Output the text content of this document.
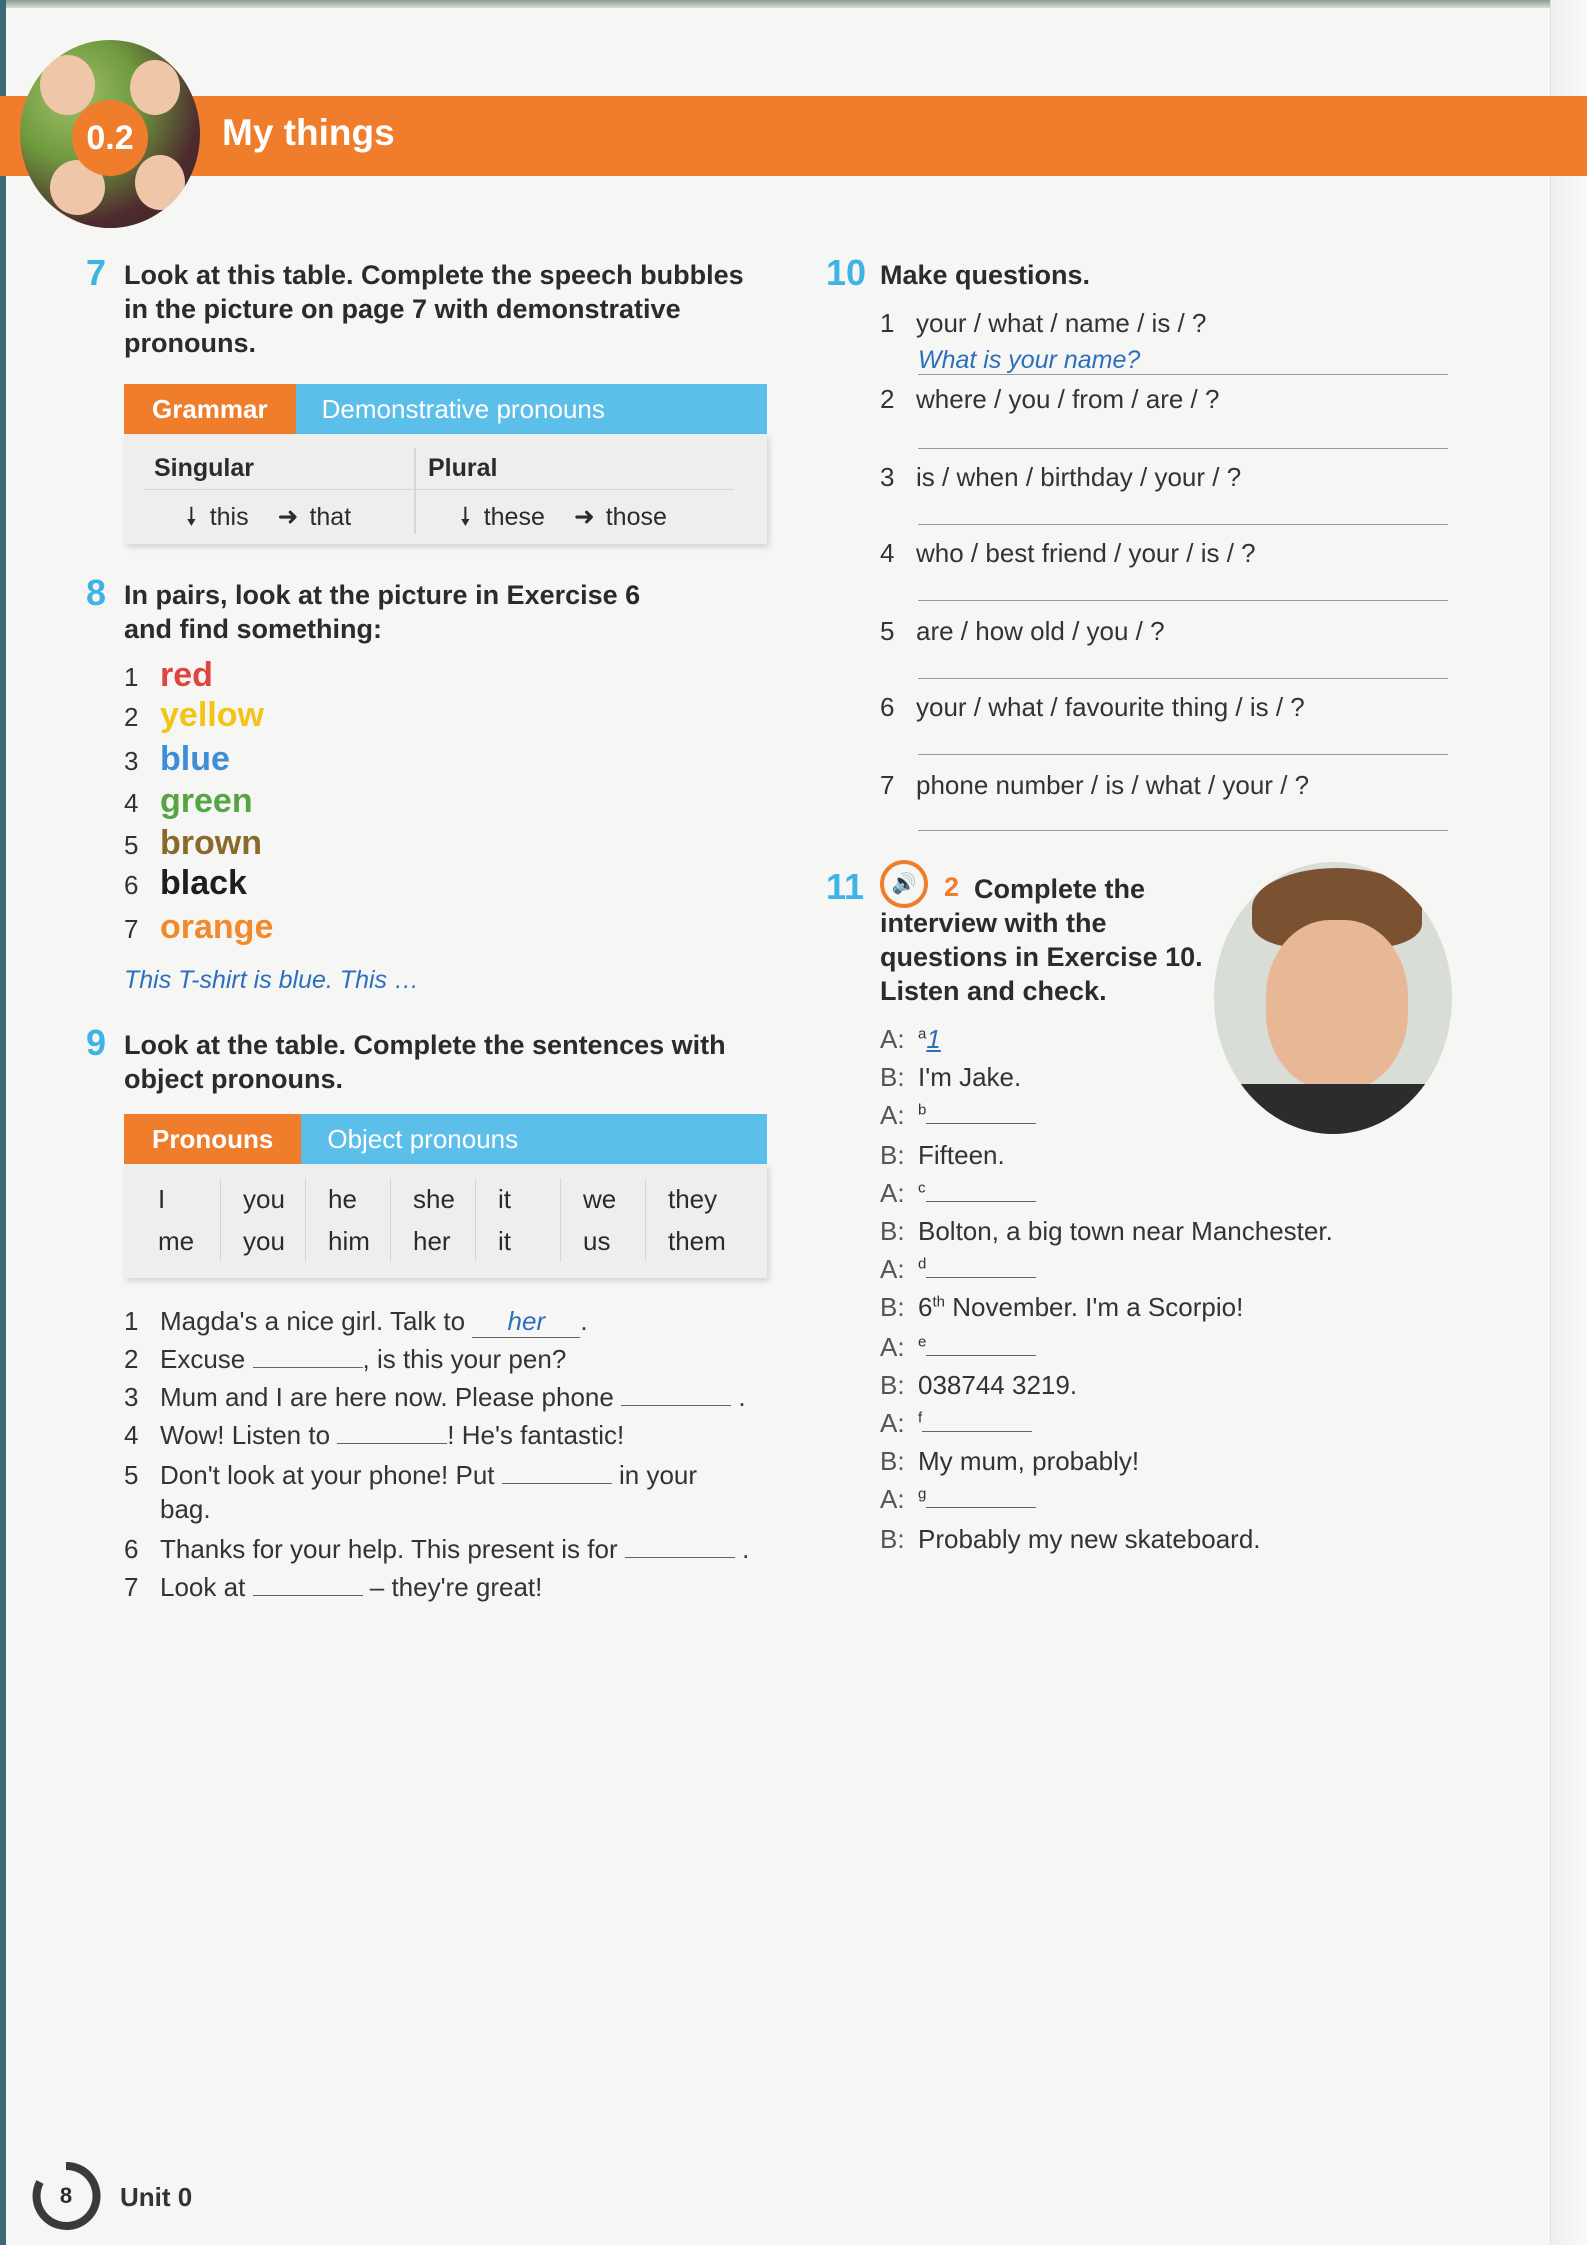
0.2	My things
7 Look at this table. Complete the speech bubbles in the picture on page 7 with demonstrative pronouns.
Grammar	Demonstrative pronouns
Singular	Plural
🠗 this ➜ that	🠗 these ➜ those
8 In pairs, look at the picture in Exercise 6 and find something:
1 red
2 yellow
3 blue
4 green
5 brown
6 black
7 orange
This T-shirt is blue. This …
9 Look at the table. Complete the sentences with object pronouns.
Pronouns	Object pronouns
I	you	he	she	it	we	they
me	you	him	her	it	us	them
1 Magda's a nice girl. Talk to her .
2 Excuse	, is this your pen?
3 Mum and I are here now. Please phone	.
4 Wow! Listen to	! He's fantastic!
5 Don't look at your phone! Put	in your
bag.
6 Thanks for your help. This present is for	.
7 Look at	– they're great!
10 Make questions.
1 your / what / name / is / ?
What is your name?
2 where / you / from / are / ?
3 is / when / birthday / your / ?
4 who / best friend / your / is / ?
5 are / how old / you / ?
6 your / what / favourite thing / is / ?
7 phone number / is / what / your / ?
11	🔊	2 Complete the interview with the questions in Exercise 10. Listen and check.
A: $^a$1
B: I'm Jake.
A: $^b$
B: Fifteen.
A: $^c$
B: Bolton, a big town near Manchester.
A: $^d$
B: 6th November. I'm a Scorpio!
A: $^e$
B: 038744 3219.
A: $^f$
B: My mum, probably!
A: $^g$
B: Probably my new skateboard.
8	Unit 0
